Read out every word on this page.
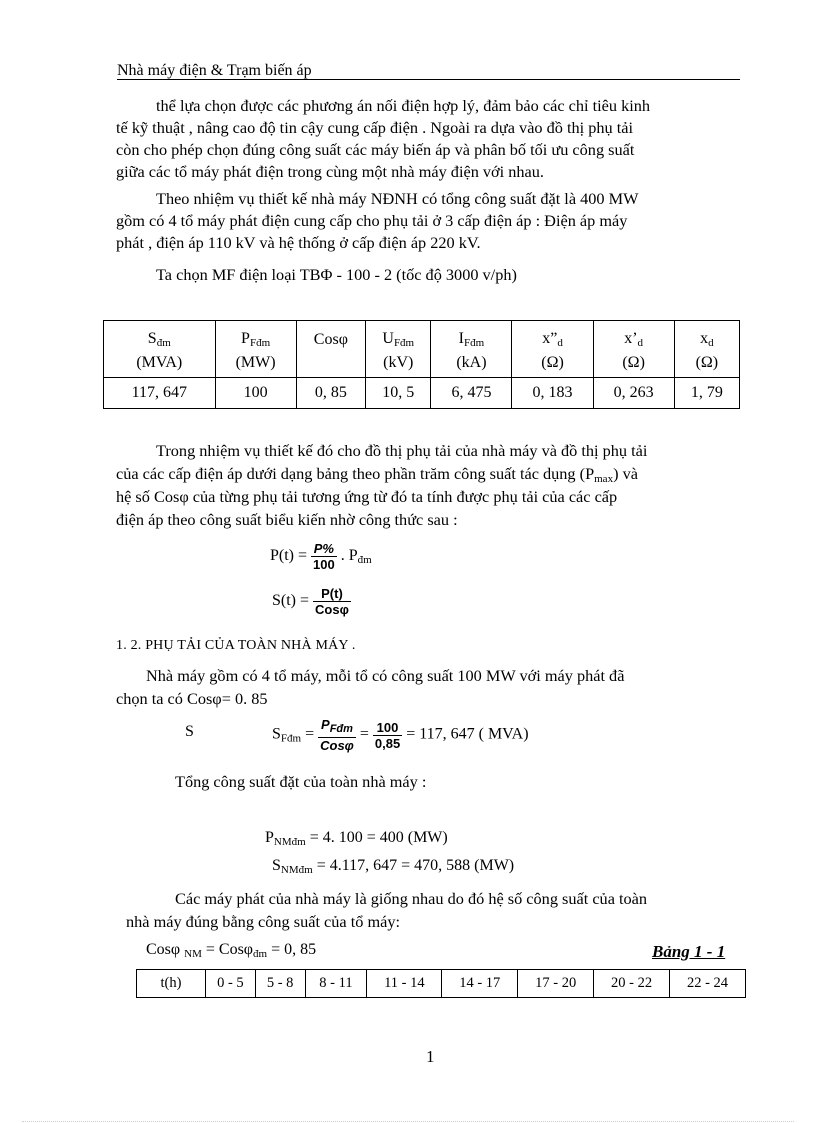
Nhà máy điện & Trạm biến áp

thể lựa chọn được các phương án nối điện hợp lý, đảm bảo các chỉ tiêu kinh

tế kỹ thuật , nâng cao độ tin cậy cung cấp điện . Ngoài ra dựa vào đồ thị phụ tải

còn cho phép chọn đúng công suất các máy biến áp và phân bố tối ưu công suất

giữa các tổ máy phát điện trong cùng một nhà máy điện với nhau.

Theo nhiệm vụ thiết kế nhà máy NĐNH có tổng công suất đặt là 400 MW

gồm có 4 tổ máy phát điện cung cấp cho phụ tải ở 3 cấp điện áp : Điện áp máy

phát , điện áp 110 kV và hệ thống ở cấp điện áp 220 kV.

Ta chọn MF điện loại TBΦ - 100 - 2 (tốc độ 3000 v/ph)

$S_{đm}$	$P_{Fđm}$	Cosφ	$U_{Fđm}$	$I_{Fđm}$	$x”_d$	$x’_d$	$x_d$
(MVA)	(MW)		(kV)	(kA)	(Ω)	(Ω)	(Ω)
117, 647	100	0, 85	10, 5	6, 475	0, 183	0, 263	1, 79

Trong nhiệm vụ thiết kế đó cho đồ thị phụ tải của nhà máy và đồ thị phụ tải

của các cấp điện áp dưới dạng bảng theo phần trăm công suất tác dụng $(P_{max})$ và

hệ số Cosφ của từng phụ tải tương ứng từ đó ta tính được phụ tải của các cấp

điện áp theo công suất biểu kiến nhờ công thức sau :

$P(t) = \frac{P\%}{100}$ . $P_{đm}$
$S(t) = \frac{P(t)}{\text{Cosφ}}$
1. 2. PHỤ TẢI CỦA TOÀN NHÀ MÁY .

Nhà máy gồm có 4 tổ máy, mỗi tổ có công suất 100 MW với máy phát đã

chọn ta có Cosφ= 0. 85

S	$S_{Fđm} = \frac{P_{Fđm}}{\text{Cosφ}} = \frac{100}{0,85} = 117$, 647 ( MVA)

Tổng công suất đặt của toàn nhà máy :

$P_{NMđm} = 4$. 100 = 400 (MW)
$S_{NMđm} = 4.117$, 647 = 470, 588 (MW)

Các máy phát của nhà máy là giống nhau do đó hệ số công suất của toàn

nhà máy đúng bằng công suất của tổ máy:

Cosφ $_{NM}$ = Cosφ$_{đm}$ = 0, 85	Bảng 1 - 1
t(h)	0 - 5	5 - 8	8 - 11	11 - 14	14 - 17	17 - 20	20 - 22	22 - 24
1
